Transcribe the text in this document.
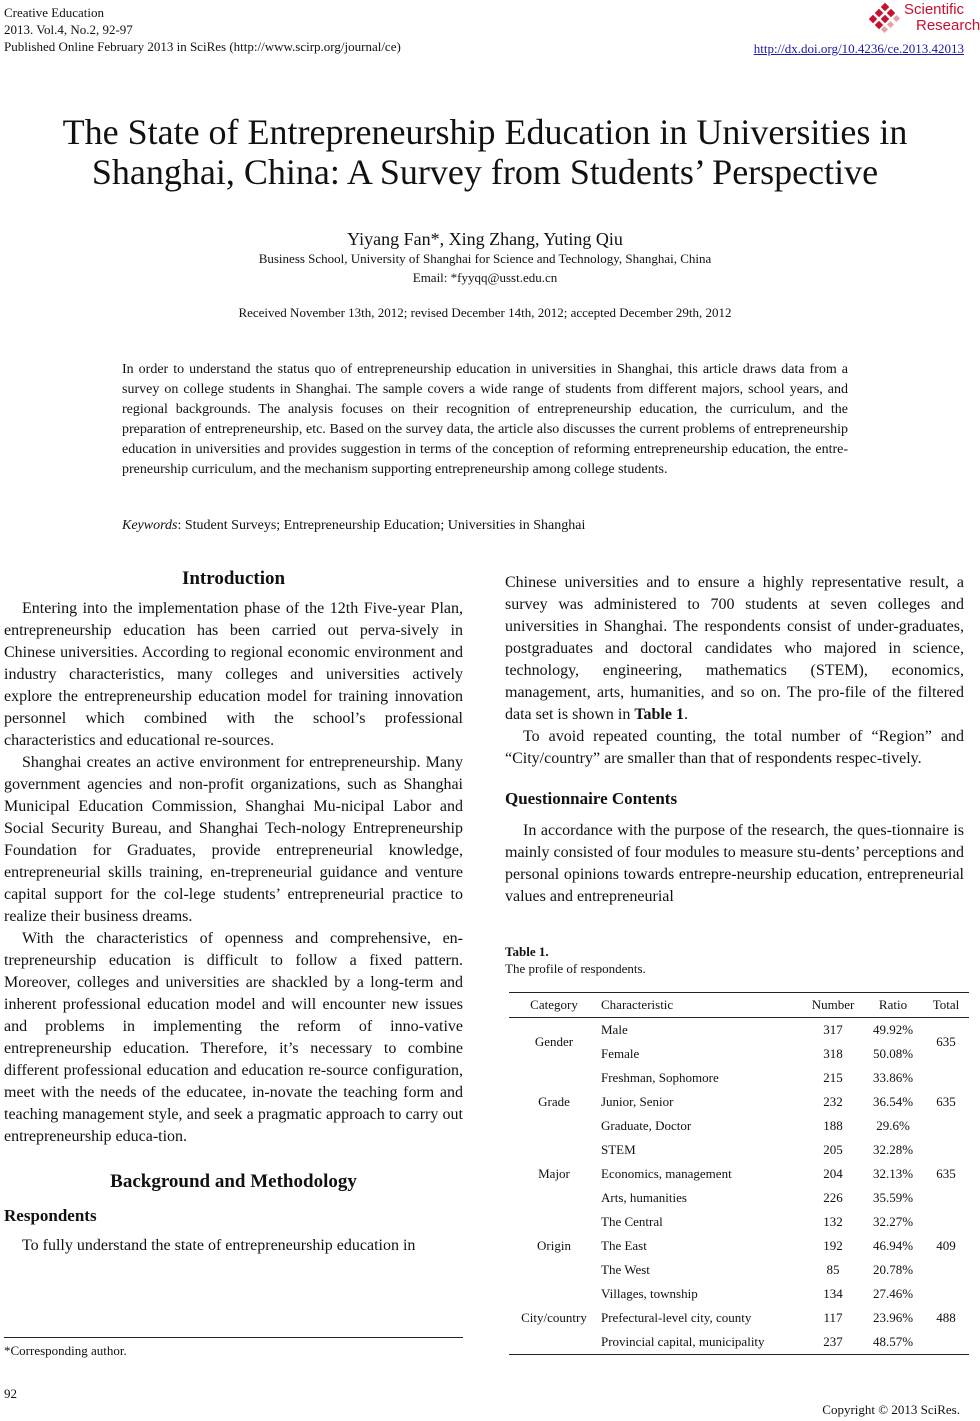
Creative Education
2013. Vol.4, No.2, 92-97
Published Online February 2013 in SciRes (http://www.scirp.org/journal/ce)
Scientific
Research
http://dx.doi.org/10.4236/ce.2013.42013
The State of Entrepreneurship Education in Universities in
Shanghai, China: A Survey from Students’ Perspective
Yiyang Fan*, Xing Zhang, Yuting Qiu
Business School, University of Shanghai for Science and Technology, Shanghai, China
Email: *fyyqq@usst.edu.cn
Received November 13th, 2012; revised December 14th, 2012; accepted December 29th, 2012
In order to understand the status quo of entrepreneurship education in universities in Shanghai, this article draws data from a survey on college students in Shanghai. The sample covers a wide range of students from different majors, school years, and regional backgrounds. The analysis focuses on their recognition of entrepreneurship education, the curriculum, and the preparation of entrepreneurship, etc. Based on the survey data, the article also discusses the current problems of entrepreneurship education in universities and provides suggestion in terms of the conception of reforming entrepreneurship education, the entre-preneurship curriculum, and the mechanism supporting entrepreneurship among college students.
Keywords: Student Surveys; Entrepreneurship Education; Universities in Shanghai
Introduction

Entering into the implementation phase of the 12th Five-year Plan, entrepreneurship education has been carried out perva-sively in Chinese universities. According to regional economic environment and industry characteristics, many colleges and universities actively explore the entrepreneurship education model for training innovation personnel which combined with the school’s professional characteristics and educational re-sources.

Shanghai creates an active environment for entrepreneurship. Many government agencies and non-profit organizations, such as Shanghai Municipal Education Commission, Shanghai Mu-nicipal Labor and Social Security Bureau, and Shanghai Tech-nology Entrepreneurship Foundation for Graduates, provide entrepreneurial knowledge, entrepreneurial skills training, en-trepreneurial guidance and venture capital support for the col-lege students’ entrepreneurial practice to realize their business dreams.

With the characteristics of openness and comprehensive, en-trepreneurship education is difficult to follow a fixed pattern. Moreover, colleges and universities are shackled by a long-term and inherent professional education model and will encounter new issues and problems in implementing the reform of inno-vative entrepreneurship education. Therefore, it’s necessary to combine different professional education and education re-source configuration, meet with the needs of the educatee, in-novate the teaching form and teaching management style, and seek a pragmatic approach to carry out entrepreneurship educa-tion.

Background and Methodology
Respondents

To fully understand the state of entrepreneurship education in

*Corresponding author.

Chinese universities and to ensure a highly representative result, a survey was administered to 700 students at seven colleges and universities in Shanghai. The respondents consist of under-graduates, postgraduates and doctoral candidates who majored in science, technology, engineering, mathematics (STEM), economics, management, arts, humanities, and so on. The pro-file of the filtered data set is shown in Table 1.

To avoid repeated counting, the total number of “Region” and “City/country” are smaller than that of respondents respec-tively.

Questionnaire Contents

In accordance with the purpose of the research, the ques-tionnaire is mainly consisted of four modules to measure stu-dents’ perceptions and personal opinions towards entrepre-neurship education, entrepreneurial values and entrepreneurial

Table 1.
The profile of respondents.
Category	Characteristic	Number	Ratio	Total
Gender	Male	317	49.92%	635
	Female	318	50.08%	
Grade	Freshman, Sophomore	215	33.86%	635
	Junior, Senior	232	36.54%	
	Graduate, Doctor	188	29.6%	
Major	STEM	205	32.28%	635
	Economics, management	204	32.13%	
	Arts, humanities	226	35.59%	
Origin	The Central	132	32.27%	409
	The East	192	46.94%	
	The West	85	20.78%	
City/country	Villages, township	134	27.46%	488
	Prefectural-level city, county	117	23.96%	
	Provincial capital, municipality	237	48.57%	
92
Copyright © 2013 SciRes.
